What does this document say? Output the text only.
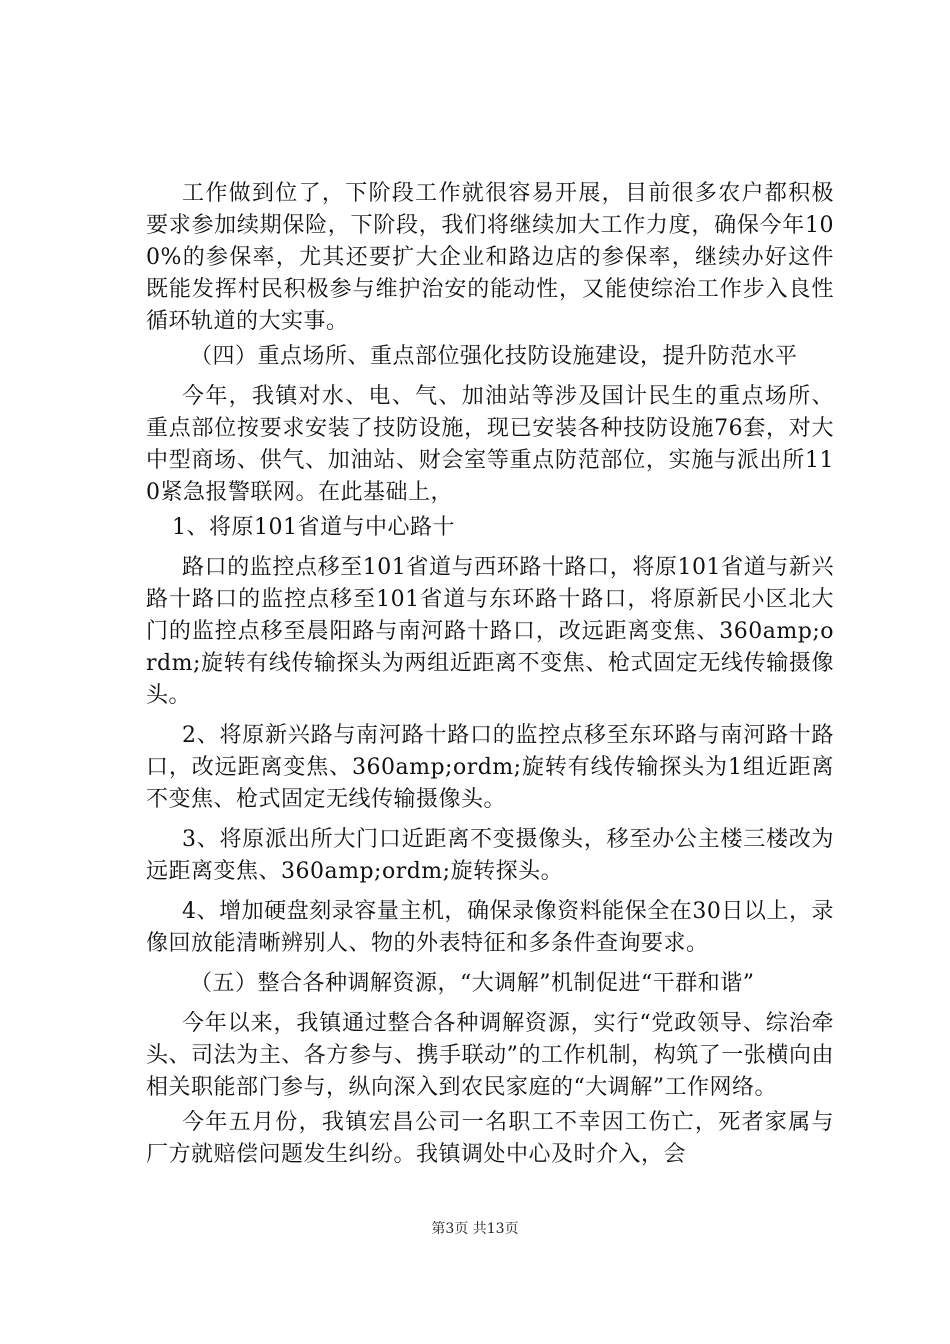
工作做到位了，下阶段工作就很容易开展，目前很多农户都积极要求参加续期保险，下阶段，我们将继续加大工作力度，确保今年100%的参保率，尤其还要扩大企业和路边店的参保率，继续办好这件既能发挥村民积极参与维护治安的能动性，又能使综治工作步入良性循环轨道的大实事。

（四）重点场所、重点部位强化技防设施建设，提升防范水平

今年，我镇对水、电、气、加油站等涉及国计民生的重点场所、重点部位按要求安装了技防设施，现已安装各种技防设施76套，对大中型商场、供气、加油站、财会室等重点防范部位，实施与派出所110紧急报警联网。在此基础上，

1、将原101省道与中心路十

路口的监控点移至101省道与西环路十路口，将原101省道与新兴路十路口的监控点移至101省道与东环路十路口，将原新民小区北大门的监控点移至晨阳路与南河路十路口，改远距离变焦、360amp;ordm;旋转有线传输探头为两组近距离不变焦、枪式固定无线传输摄像头。

2、将原新兴路与南河路十路口的监控点移至东环路与南河路十路口，改远距离变焦、360amp;ordm;旋转有线传输探头为1组近距离不变焦、枪式固定无线传输摄像头。

3、将原派出所大门口近距离不变摄像头，移至办公主楼三楼改为远距离变焦、360amp;ordm;旋转探头。

4、增加硬盘刻录容量主机，确保录像资料能保全在30日以上，录像回放能清晰辨别人、物的外表特征和多条件查询要求。

（五）整合各种调解资源，“大调解”机制促进“干群和谐”

今年以来，我镇通过整合各种调解资源，实行“党政领导、综治牵头、司法为主、各方参与、携手联动”的工作机制，构筑了一张横向由相关职能部门参与，纵向深入到农民家庭的“大调解”工作网络。

今年五月份，我镇宏昌公司一名职工不幸因工伤亡，死者家属与厂方就赔偿问题发生纠纷。我镇调处中心及时介入，会

第3页 共13页
